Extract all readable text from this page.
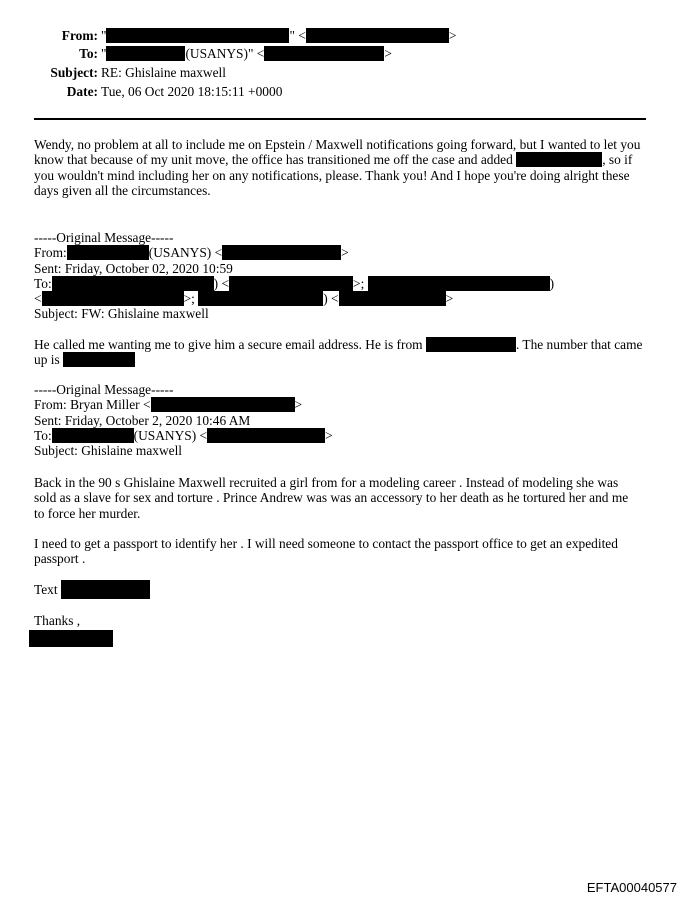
From: "	" <	>
To: "	(USANYS)" <	>
Subject: RE: Ghislaine maxwell
Date: Tue, 06 Oct 2020 18:15:11 +0000
Wendy, no problem at all to include me on Epstein / Maxwell notifications going forward, but I wanted to let you
know that because of my unit move, the office has transitioned me off the case and added	, so if
you wouldn't mind including her on any notifications, please. Thank you! And I hope you're doing alright these
days given all the circumstances.
-----Original Message-----
From:	(USANYS) <	>
Sent: Friday, October 02, 2020 10:59
To:	) <	>;	)
<	>;	) <	>
Subject: FW: Ghislaine maxwell
He called me wanting me to give him a secure email address. He is from	. The number that came
up is
-----Original Message-----
From: Bryan Miller <	>
Sent: Friday, October 2, 2020 10:46 AM
To:	(USANYS) <	>
Subject: Ghislaine maxwell
Back in the 90 s Ghislaine Maxwell recruited a girl from for a modeling career . Instead of modeling she was
sold as a slave for sex and torture . Prince Andrew was was an accessory to her death as he tortured her and me
to force her murder.
I need to get a passport to identify her . I will need someone to contact the passport office to get an expedited
passport .
Text
Thanks ,
EFTA00040577
